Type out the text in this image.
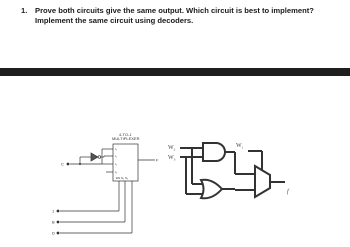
1.	Prove both circuits give the same output. Which circuit is best to implement?
Implement the same circuit using decoders.
4-TO-1
MULTIPLEXER
I₀
I₁
I₂
I₃
EN S₁ S₀
C
F
1
B
D
$W_2$
$W_3$
$W_1$
f
